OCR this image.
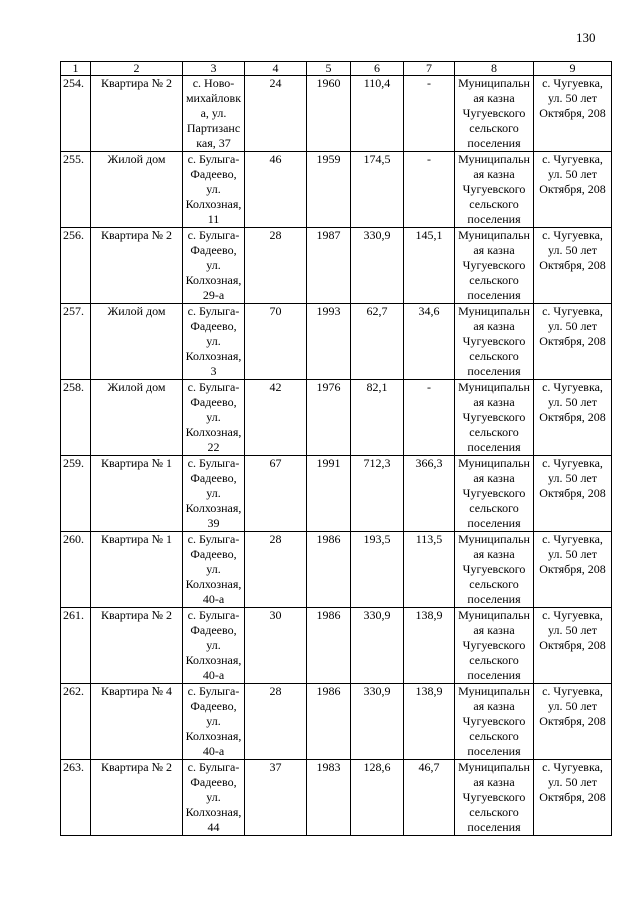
130
1	2	3	4	5	6	7	8	9
254.	Квартира № 2	с. Ново-михайловка, ул. Партизанская, 37	24	1960	110,4	-	Муниципальная казна Чугуевского сельского поселения	с. Чугуевка, ул. 50 лет Октября, 208
255.	Жилой дом	с. Булыга-Фадеево, ул. Колхозная, 11	46	1959	174,5	-	Муниципальная казна Чугуевского сельского поселения	с. Чугуевка, ул. 50 лет Октября, 208
256.	Квартира № 2	с. Булыга-Фадеево, ул. Колхозная, 29-а	28	1987	330,9	145,1	Муниципальная казна Чугуевского сельского поселения	с. Чугуевка, ул. 50 лет Октября, 208
257.	Жилой дом	с. Булыга-Фадеево, ул. Колхозная, 3	70	1993	62,7	34,6	Муниципальная казна Чугуевского сельского поселения	с. Чугуевка, ул. 50 лет Октября, 208
258.	Жилой дом	с. Булыга-Фадеево, ул. Колхозная, 22	42	1976	82,1	-	Муниципальная казна Чугуевского сельского поселения	с. Чугуевка, ул. 50 лет Октября, 208
259.	Квартира № 1	с. Булыга-Фадеево, ул. Колхозная, 39	67	1991	712,3	366,3	Муниципальная казна Чугуевского сельского поселения	с. Чугуевка, ул. 50 лет Октября, 208
260.	Квартира № 1	с. Булыга-Фадеево, ул. Колхозная, 40-а	28	1986	193,5	113,5	Муниципальная казна Чугуевского сельского поселения	с. Чугуевка, ул. 50 лет Октября, 208
261.	Квартира № 2	с. Булыга-Фадеево, ул. Колхозная, 40-а	30	1986	330,9	138,9	Муниципальная казна Чугуевского сельского поселения	с. Чугуевка, ул. 50 лет Октября, 208
262.	Квартира № 4	с. Булыга-Фадеево, ул. Колхозная, 40-а	28	1986	330,9	138,9	Муниципальная казна Чугуевского сельского поселения	с. Чугуевка, ул. 50 лет Октября, 208
263.	Квартира № 2	с. Булыга-Фадеево, ул. Колхозная, 44	37	1983	128,6	46,7	Муниципальная казна Чугуевского сельского поселения	с. Чугуевка, ул. 50 лет Октября, 208
